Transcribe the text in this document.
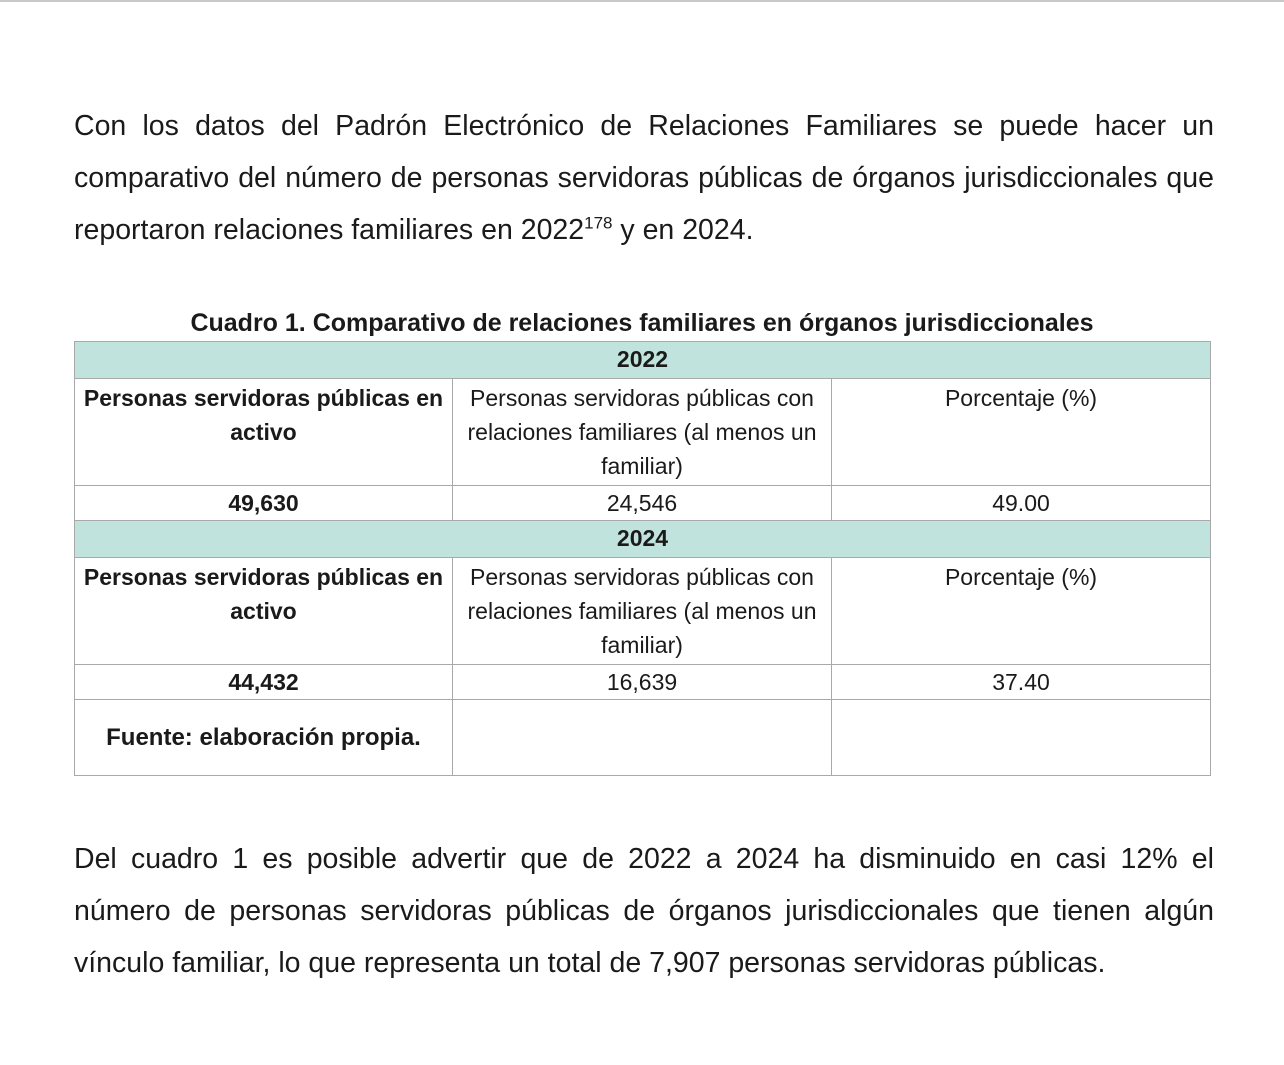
Con los datos del Padrón Electrónico de Relaciones Familiares se puede hacer un comparativo del número de personas servidoras públicas de órganos jurisdiccionales que reportaron relaciones familiares en 2022$^{178}$ y en 2024.

Cuadro 1. Comparativo de relaciones familiares en órganos jurisdiccionales

2022		
Personas servidoras públicas en activo	Personas servidoras públicas con relaciones familiares (al menos un familiar)	Porcentaje (%)
49,630	24,546	49.00
2024		
Personas servidoras públicas en activo	Personas servidoras públicas con relaciones familiares (al menos un familiar)	Porcentaje (%)
44,432	16,639	37.40
Fuente: elaboración propia.		

Del cuadro 1 es posible advertir que de 2022 a 2024 ha disminuido en casi 12% el número de personas servidoras públicas de órganos jurisdiccionales que tienen algún vínculo familiar, lo que representa un total de 7,907 personas servidoras públicas.
